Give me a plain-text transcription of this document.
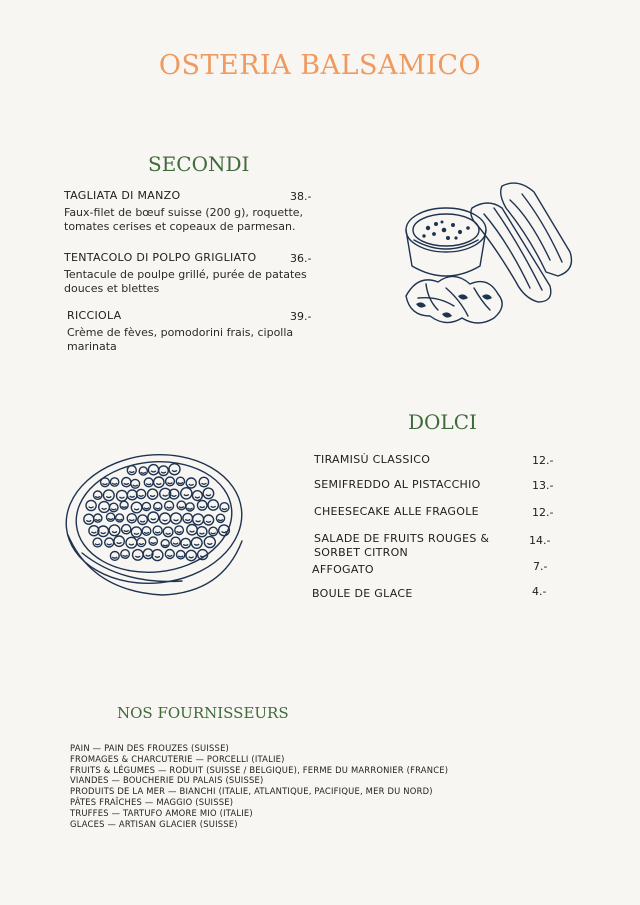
OSTERIA BALSAMICO
SECONDI
TAGLIATA DI MANZO	38.-
Faux-filet de bœuf suisse (200 g), roquette,
tomates cerises et copeaux de parmesan.
TENTACOLO DI POLPO GRIGLIATO	36.-
Tentacule de poulpe grillé, purée de patates
douces et blettes
RICCIOLA	39.-
Crème de fèves, pomodorini frais, cipolla
marinata
DOLCI
TIRAMISÙ CLASSICO	12.-
SEMIFREDDO AL PISTACCHIO	13.-
CHEESECAKE ALLE FRAGOLE	12.-
SALADE DE FRUITS ROUGES &
SORBET CITRON
14.-
AFFOGATO	7.-
BOULE DE GLACE	4.-
NOS FOURNISSEURS
PAIN — PAIN DES FROUZES (SUISSE)
FROMAGES & CHARCUTERIE — PORCELLI (ITALIE)
FRUITS & LÉGUMES — RODUIT (SUISSE / BELGIQUE), FERME DU MARRONIER (FRANCE)
VIANDES — BOUCHERIE DU PALAIS (SUISSE)
PRODUITS DE LA MER — BIANCHI (ITALIE, ATLANTIQUE, PACIFIQUE, MER DU NORD)
PÂTES FRAÎCHES — MAGGIO (SUISSE)
TRUFFES — TARTUFO AMORE MIO (ITALIE)
GLACES — ARTISAN GLACIER (SUISSE)
